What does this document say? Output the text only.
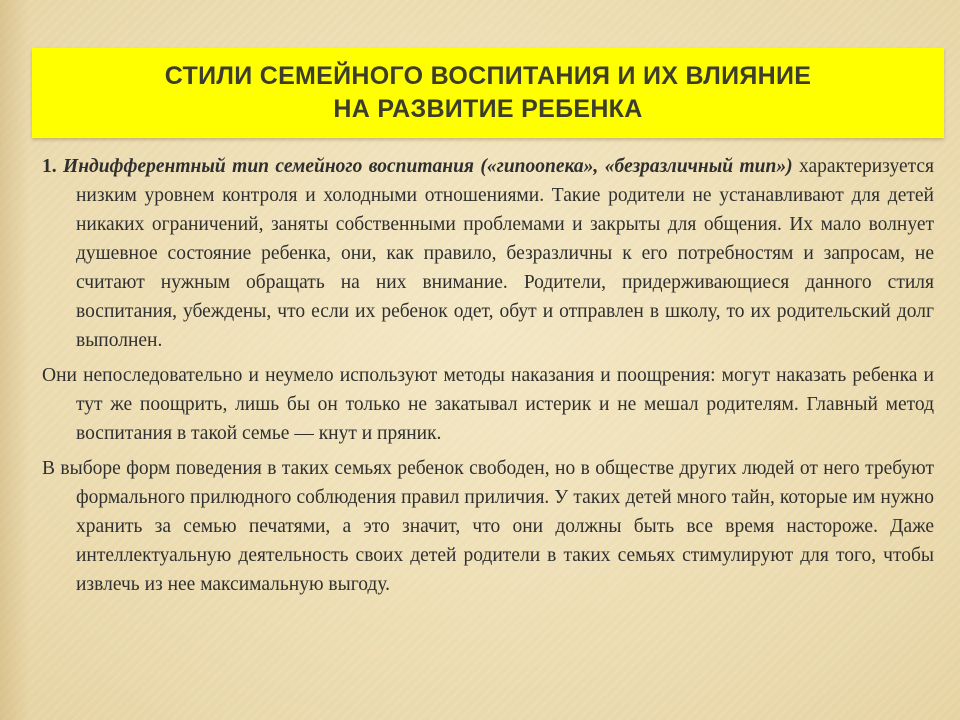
СТИЛИ СЕМЕЙНОГО ВОСПИТАНИЯ И ИХ ВЛИЯНИЕ
НА РАЗВИТИЕ РЕБЕНКА

1. Индифферентный тип семейного воспитания («гипоопека», «безразличный тип») характеризуется низким уровнем контроля и холодными отношениями. Такие родители не устанавливают для детей никаких ограничений, заняты собственными проблемами и закрыты для общения. Их мало волнует душевное состояние ребенка, они, как правило, безразличны к его потребностям и запросам, не считают нужным обращать на них внимание. Родители, придерживающиеся данного стиля воспитания, убеждены, что если их ребенок одет, обут и отправлен в школу, то их родительский долг выполнен.

Они непоследовательно и неумело используют методы наказания и поощрения: могут наказать ребенка и тут же поощрить, лишь бы он только не закатывал истерик и не мешал родителям. Главный метод воспитания в такой семье — кнут и пряник.

В выборе форм поведения в таких семьях ребенок свободен, но в обществе других людей от него требуют формального прилюдного соблюдения правил приличия. У таких детей много тайн, которые им нужно хранить за семью печатями, а это значит, что они должны быть все время настороже. Даже интеллектуальную деятельность своих детей родители в таких семьях стимулируют для того, чтобы извлечь из нее максимальную выгоду.
